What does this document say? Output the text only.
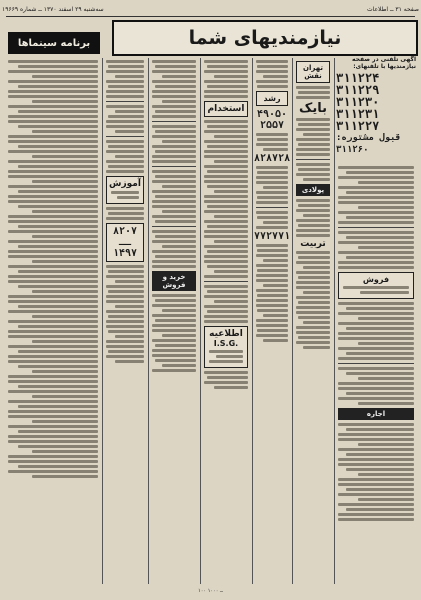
صفحه ۳۱ ــ اطلاعات
سه‌شنبه ۲۹ اسفند ۱۳۷۰ ــ شماره ۱۹۶۶۹
نیازمندیهای شما
برنامه سینماها
آگهی تلفنی در صفحه نیازمندیها با تلفنهای:
۳۱۱۲۲۴
۳۱۱۲۲۹
۳۱۱۲۳۰
۳۱۱۲۳۱
۳۱۱۲۲۷
قبول مشتوره: ۳۱۱۲۶۰
آموزش
۸۲۰۷ ــ ۱۴۹۷
خرید و فروش
استخدام
اطلاعیه
I.S.G.
رشد
۴۹۰۵۰
۲۵۵۷
۸۲۸۷۲۸
۷۷۲۷۷۱
تهران نقش
بایک
پولادی
تربیت
فروش
اجاره
۱۰۰ ــ ۱۰۰۰
